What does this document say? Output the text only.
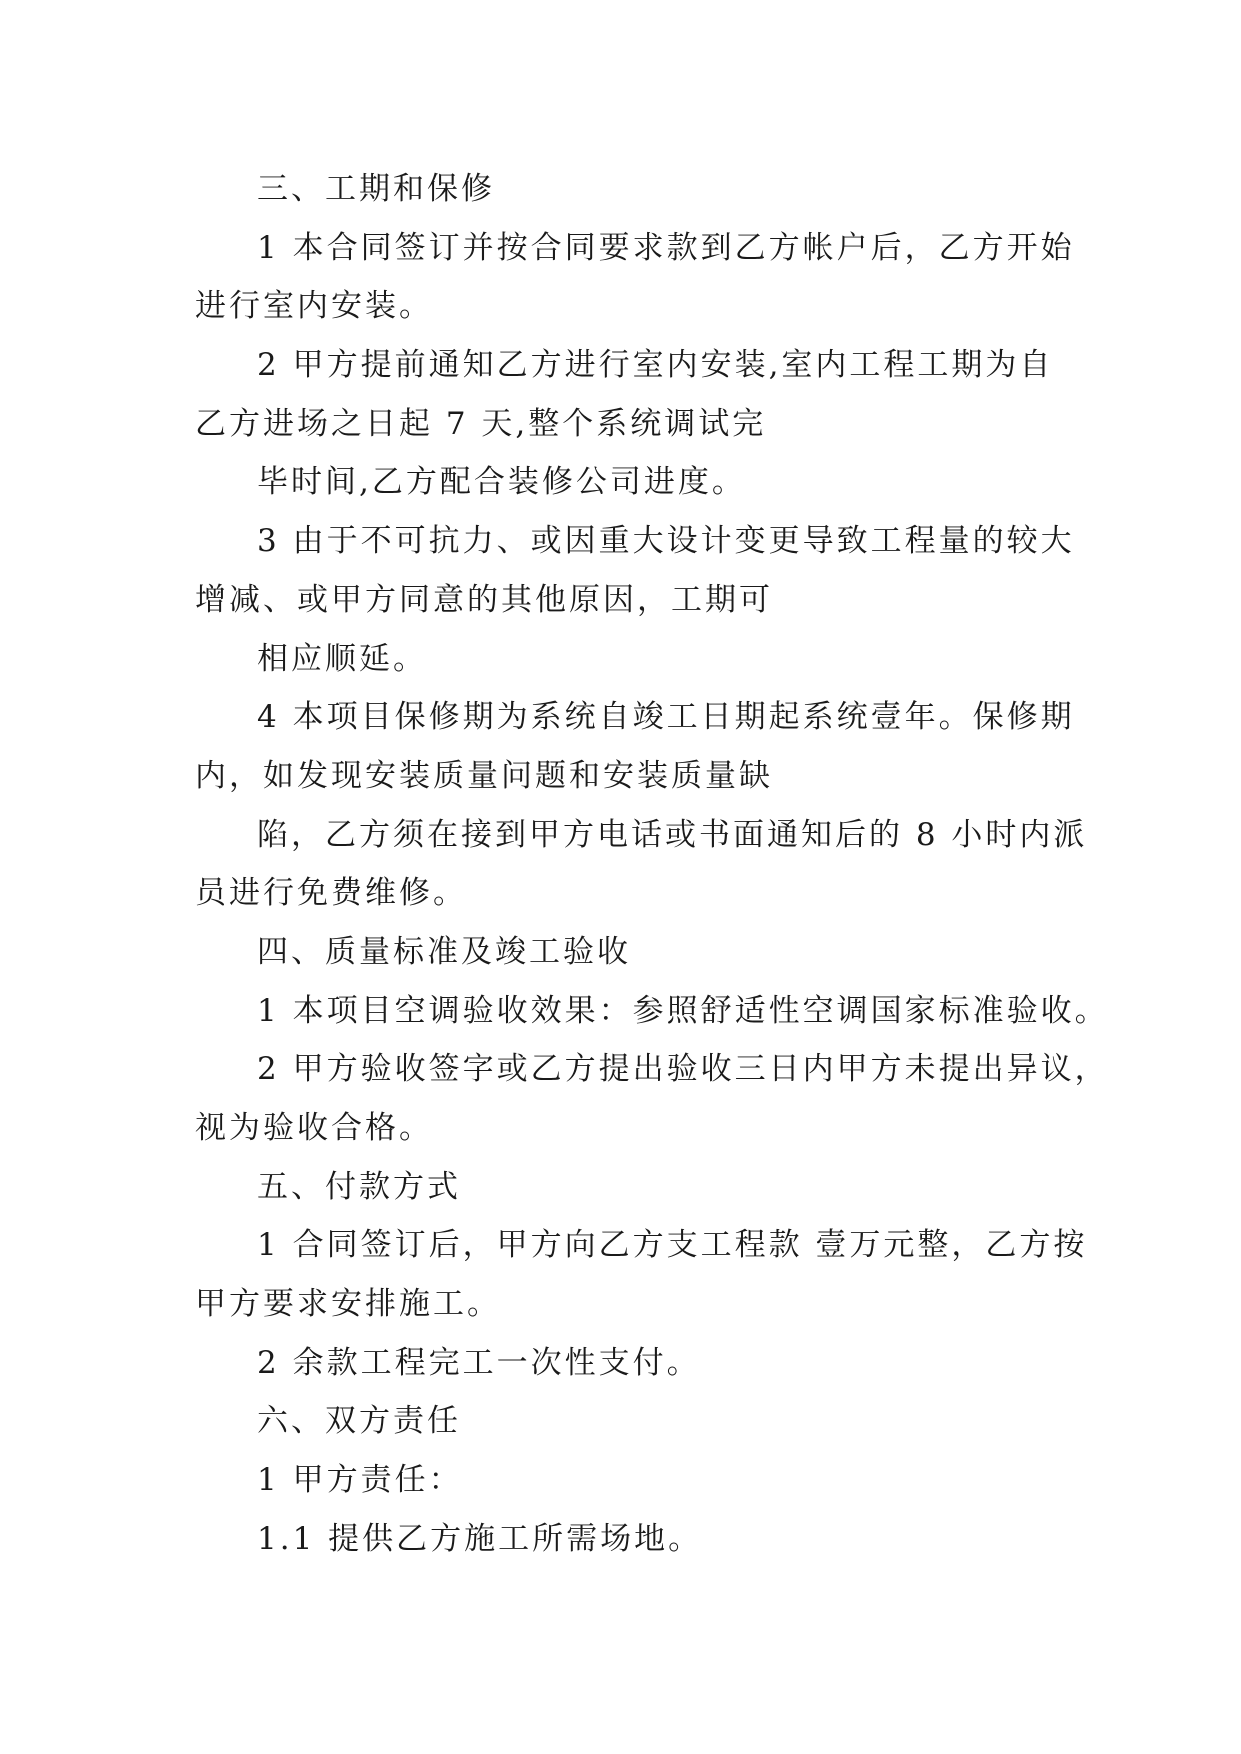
三、工期和保修
1 本合同签订并按合同要求款到乙方帐户后，乙方开始
进行室内安装。
2 甲方提前通知乙方进行室内安装,室内工程工期为自
乙方进场之日起 7 天,整个系统调试完
毕时间,乙方配合装修公司进度。
3 由于不可抗力、或因重大设计变更导致工程量的较大
增减、或甲方同意的其他原因，工期可
相应顺延。
4 本项目保修期为系统自竣工日期起系统壹年。保修期
内，如发现安装质量问题和安装质量缺
陷，乙方须在接到甲方电话或书面通知后的 8 小时内派
员进行免费维修。
四、质量标准及竣工验收
1 本项目空调验收效果：参照舒适性空调国家标准验收。
2 甲方验收签字或乙方提出验收三日内甲方未提出异议，
视为验收合格。
五、付款方式
1 合同签订后，甲方向乙方支工程款 壹万元整，乙方按
甲方要求安排施工。
2 余款工程完工一次性支付。
六、双方责任
1 甲方责任：
1.1 提供乙方施工所需场地。
